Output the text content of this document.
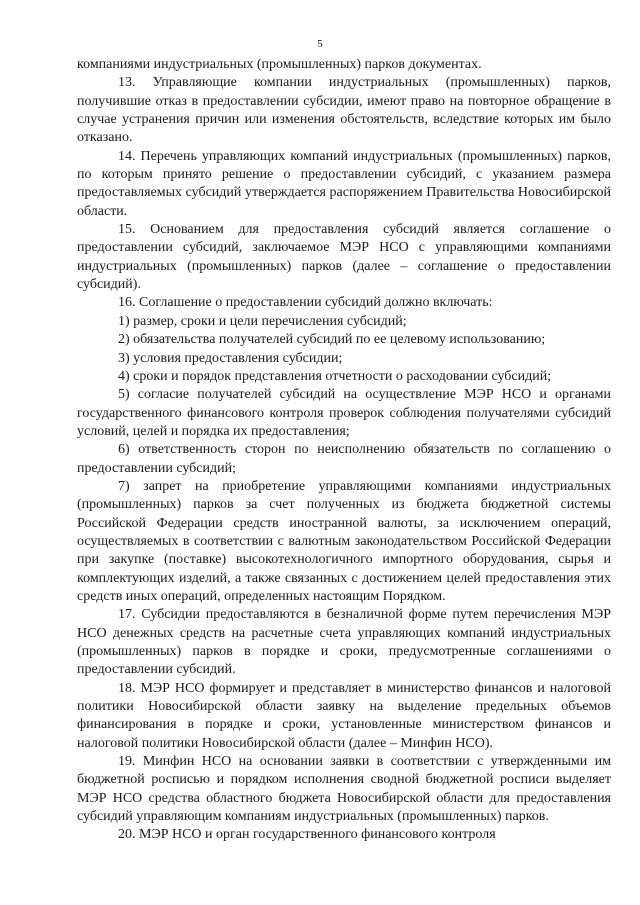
5

компаниями индустриальных (промышленных) парков документах.

13. Управляющие компании индустриальных (промышленных) парков, получившие отказ в предоставлении субсидии, имеют право на повторное обращение в случае устранения причин или изменения обстоятельств, вследствие которых им было отказано.

14. Перечень управляющих компаний индустриальных (промышленных) парков, по которым принято решение о предоставлении субсидий, с указанием размера предоставляемых субсидий утверждается распоряжением Правительства Новосибирской области.

15. Основанием для предоставления субсидий является соглашение о предоставлении субсидий, заключаемое МЭР НСО с управляющими компаниями индустриальных (промышленных) парков (далее – соглашение о предоставлении субсидий).

16. Соглашение о предоставлении субсидий должно включать:

1) размер, сроки и цели перечисления субсидий;

2) обязательства получателей субсидий по ее целевому использованию;

3) условия предоставления субсидии;

4) сроки и порядок представления отчетности о расходовании субсидий;

5) согласие получателей субсидий на осуществление МЭР НСО и органами государственного финансового контроля проверок соблюдения получателями субсидий условий, целей и порядка их предоставления;

6) ответственность сторон по неисполнению обязательств по соглашению о предоставлении субсидий;

7) запрет на приобретение управляющими компаниями индустриальных (промышленных) парков за счет полученных из бюджета бюджетной системы Российской Федерации средств иностранной валюты, за исключением операций, осуществляемых в соответствии с валютным законодательством Российской Федерации при закупке (поставке) высокотехнологичного импортного оборудования, сырья и комплектующих изделий, а также связанных с достижением целей предоставления этих средств иных операций, определенных настоящим Порядком.

17. Субсидии предоставляются в безналичной форме путем перечисления МЭР НСО денежных средств на расчетные счета управляющих компаний индустриальных (промышленных) парков в порядке и сроки, предусмотренные соглашениями о предоставлении субсидий.

18. МЭР НСО формирует и представляет в министерство финансов и налоговой политики Новосибирской области заявку на выделение предельных объемов финансирования в порядке и сроки, установленные министерством финансов и налоговой политики Новосибирской области (далее – Минфин НСО).

19. Минфин НСО на основании заявки в соответствии с утвержденными им бюджетной росписью и порядком исполнения сводной бюджетной росписи выделяет МЭР НСО средства областного бюджета Новосибирской области для предоставления субсидий управляющим компаниям индустриальных (промышленных) парков.

20. МЭР НСО и орган государственного финансового контроля
